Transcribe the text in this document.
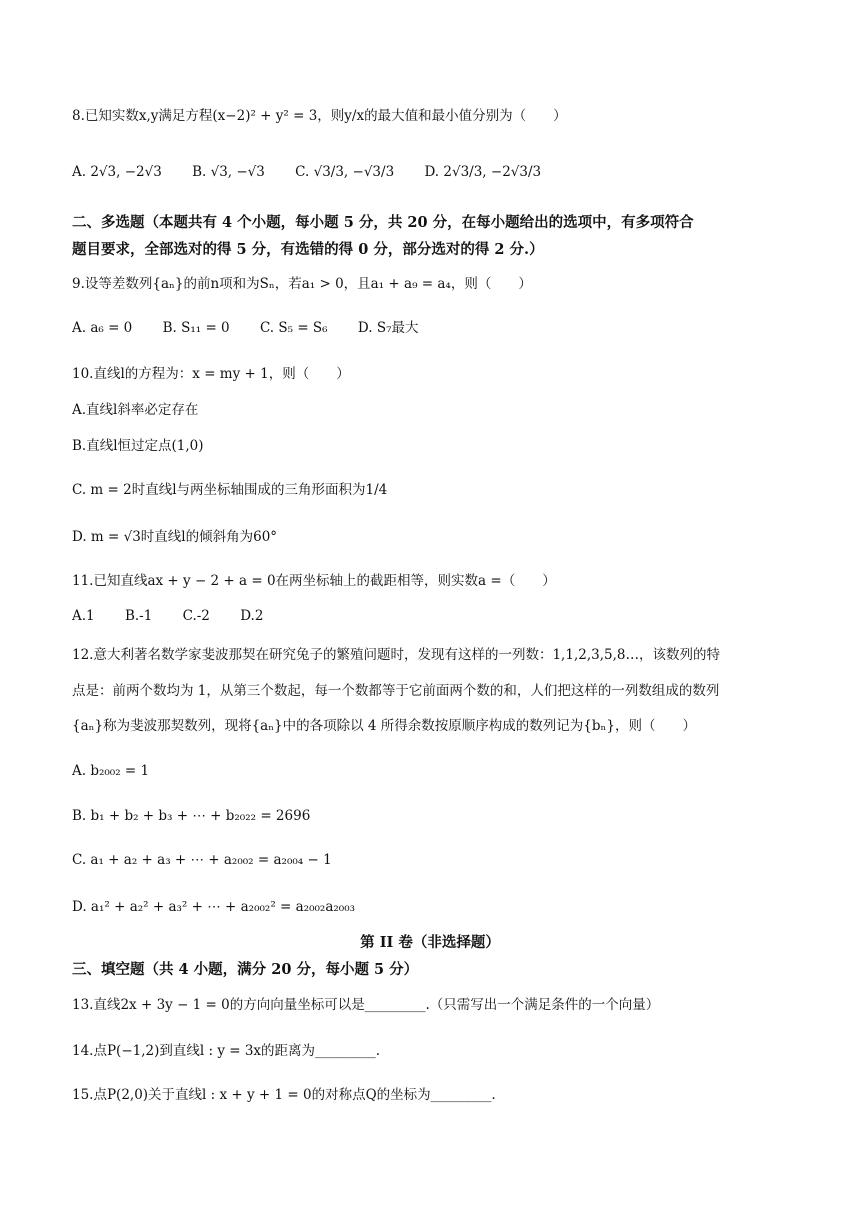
8.已知实数x,y满足方程(x−2)² + y² = 3，则y/x的最大值和最小值分别为（　　）
A. 2√3, −2√3 B. √3, −√3 C. √3/3, −√3/3 D. 2√3/3, −2√3/3
二、多选题（本题共有 4 个小题，每小题 5 分，共 20 分，在每小题给出的选项中，有多项符合
题目要求，全部选对的得 5 分，有选错的得 0 分，部分选对的得 2 分.）
9.设等差数列{aₙ}的前n项和为Sₙ，若a₁ > 0，且a₁ + a₉ = a₄，则（　　）
A. a₆ = 0 B. S₁₁ = 0 C. S₅ = S₆ D. S₇最大
10.直线l的方程为：x = my + 1，则（　　）
A.直线l斜率必定存在
B.直线l恒过定点(1,0)
C. m = 2时直线l与两坐标轴围成的三角形面积为1/4
D. m = √3时直线l的倾斜角为60°
11.已知直线ax + y − 2 + a = 0在两坐标轴上的截距相等，则实数a =（　　）
A.1 B.-1 C.-2 D.2
12.意大利著名数学家斐波那契在研究兔子的繁殖问题时，发现有这样的一列数：1,1,2,3,5,8…，该数列的特
点是：前两个数均为 1，从第三个数起，每一个数都等于它前面两个数的和，人们把这样的一列数组成的数列
{aₙ}称为斐波那契数列，现将{aₙ}中的各项除以 4 所得余数按原顺序构成的数列记为{bₙ}，则（　　）
A. b₂₀₀₂ = 1
B. b₁ + b₂ + b₃ + ⋯ + b₂₀₂₂ = 2696
C. a₁ + a₂ + a₃ + ⋯ + a₂₀₀₂ = a₂₀₀₄ − 1
D. a₁² + a₂² + a₃² + ⋯ + a₂₀₀₂² = a₂₀₀₂a₂₀₀₃
第 II 卷（非选择题）
三、填空题（共 4 小题，满分 20 分，每小题 5 分）
13.直线2x + 3y − 1 = 0的方向向量坐标可以是_________.（只需写出一个满足条件的一个向量）
14.点P(−1,2)到直线l : y = 3x的距离为_________.
15.点P(2,0)关于直线l : x + y + 1 = 0的对称点Q的坐标为_________.
